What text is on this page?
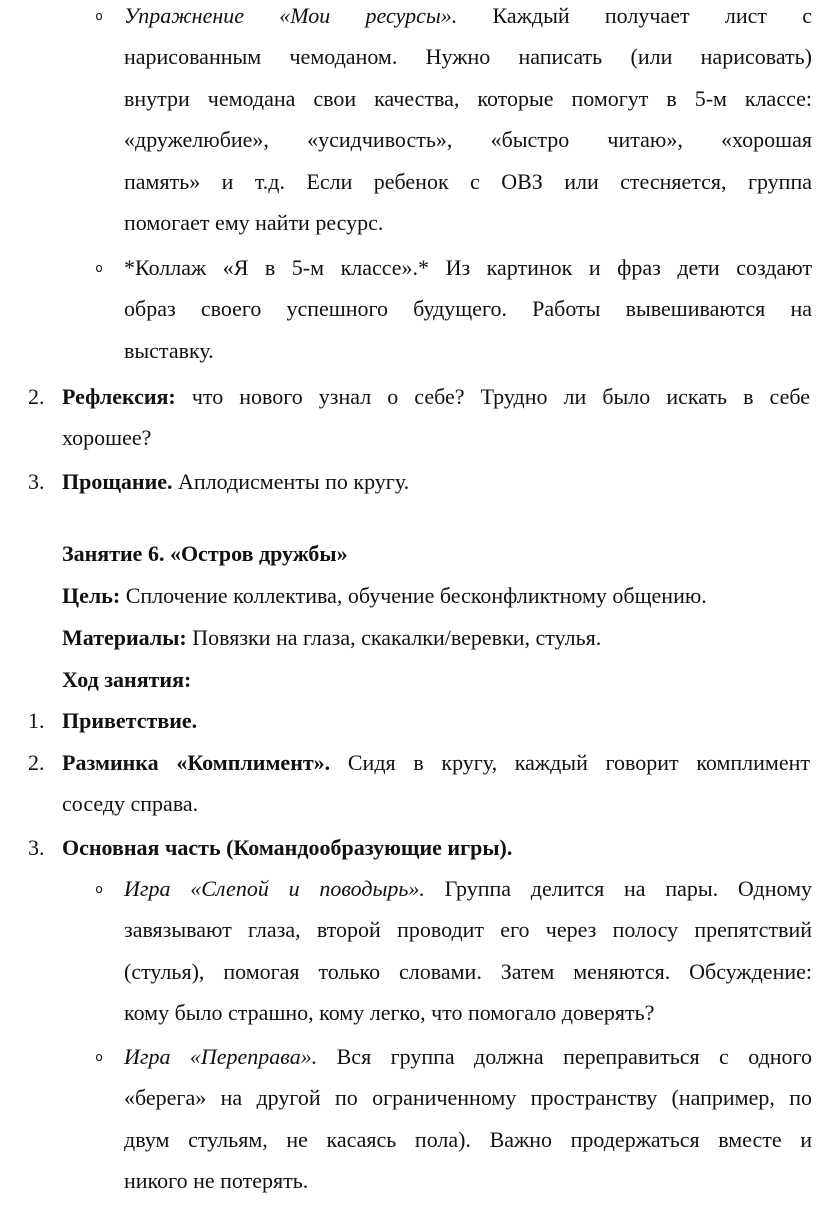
o Упражнение «Мои ресурсы». Каждый получает лист с
нарисованным чемоданом. Нужно написать (или нарисовать)
внутри чемодана свои качества, которые помогут в 5-м классе:
«дружелюбие», «усидчивость», «быстро читаю», «хорошая
память» и т.д. Если ребенок с ОВЗ или стесняется, группа
помогает ему найти ресурс.
o *Коллаж «Я в 5-м классе».* Из картинок и фраз дети создают
образ своего успешного будущего. Работы вывешиваются на
выставку.
2. Рефлексия: что нового узнал о себе? Трудно ли было искать в себе
хорошее?
3. Прощание. Аплодисменты по кругу.
Занятие 6. «Остров дружбы»
Цель: Сплочение коллектива, обучение бесконфликтному общению.
Материалы: Повязки на глаза, скакалки/веревки, стулья.
Ход занятия:
1. Приветствие.
2. Разминка «Комплимент». Сидя в кругу, каждый говорит комплимент
соседу справа.
3. Основная часть (Командообразующие игры).
o Игра «Слепой и поводырь». Группа делится на пары. Одному
завязывают глаза, второй проводит его через полосу препятствий
(стулья), помогая только словами. Затем меняются. Обсуждение:
кому было страшно, кому легко, что помогало доверять?
o Игра «Переправа». Вся группа должна переправиться с одного
«берега» на другой по ограниченному пространству (например, по
двум стульям, не касаясь пола). Важно продержаться вместе и
никого не потерять.
